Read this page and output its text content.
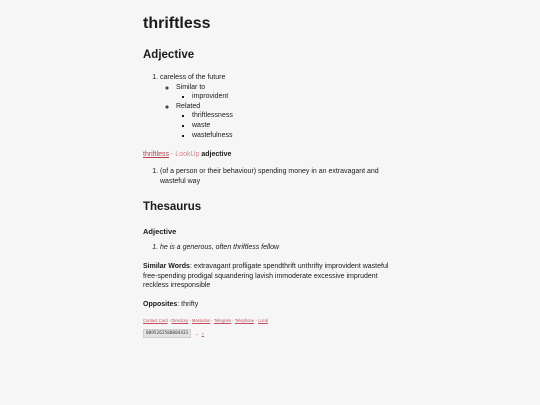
thriftless
Adjective
1. careless of the future
◦ Similar to
▪ improvident
◦ Related
▪ thriftlessness
▪ waste
▪ wastefulness
thriftless - LookUp adjective
1. (of a person or their behaviour) spending money in an extravagant and wasteful way
Thesaurus
Adjective
1. he is a generous, often thriftless fellow

Similar Words: extravagant profligate spendthrift unthrifty improvident wasteful free-spending prodigal squandering lavish immoderate excessive imprudent reckless irresponsible

Opposites: thrifty

Contact Card - Directory - Mastodon - Telegram - Telephone - Local
0095262580884431	→ 1
